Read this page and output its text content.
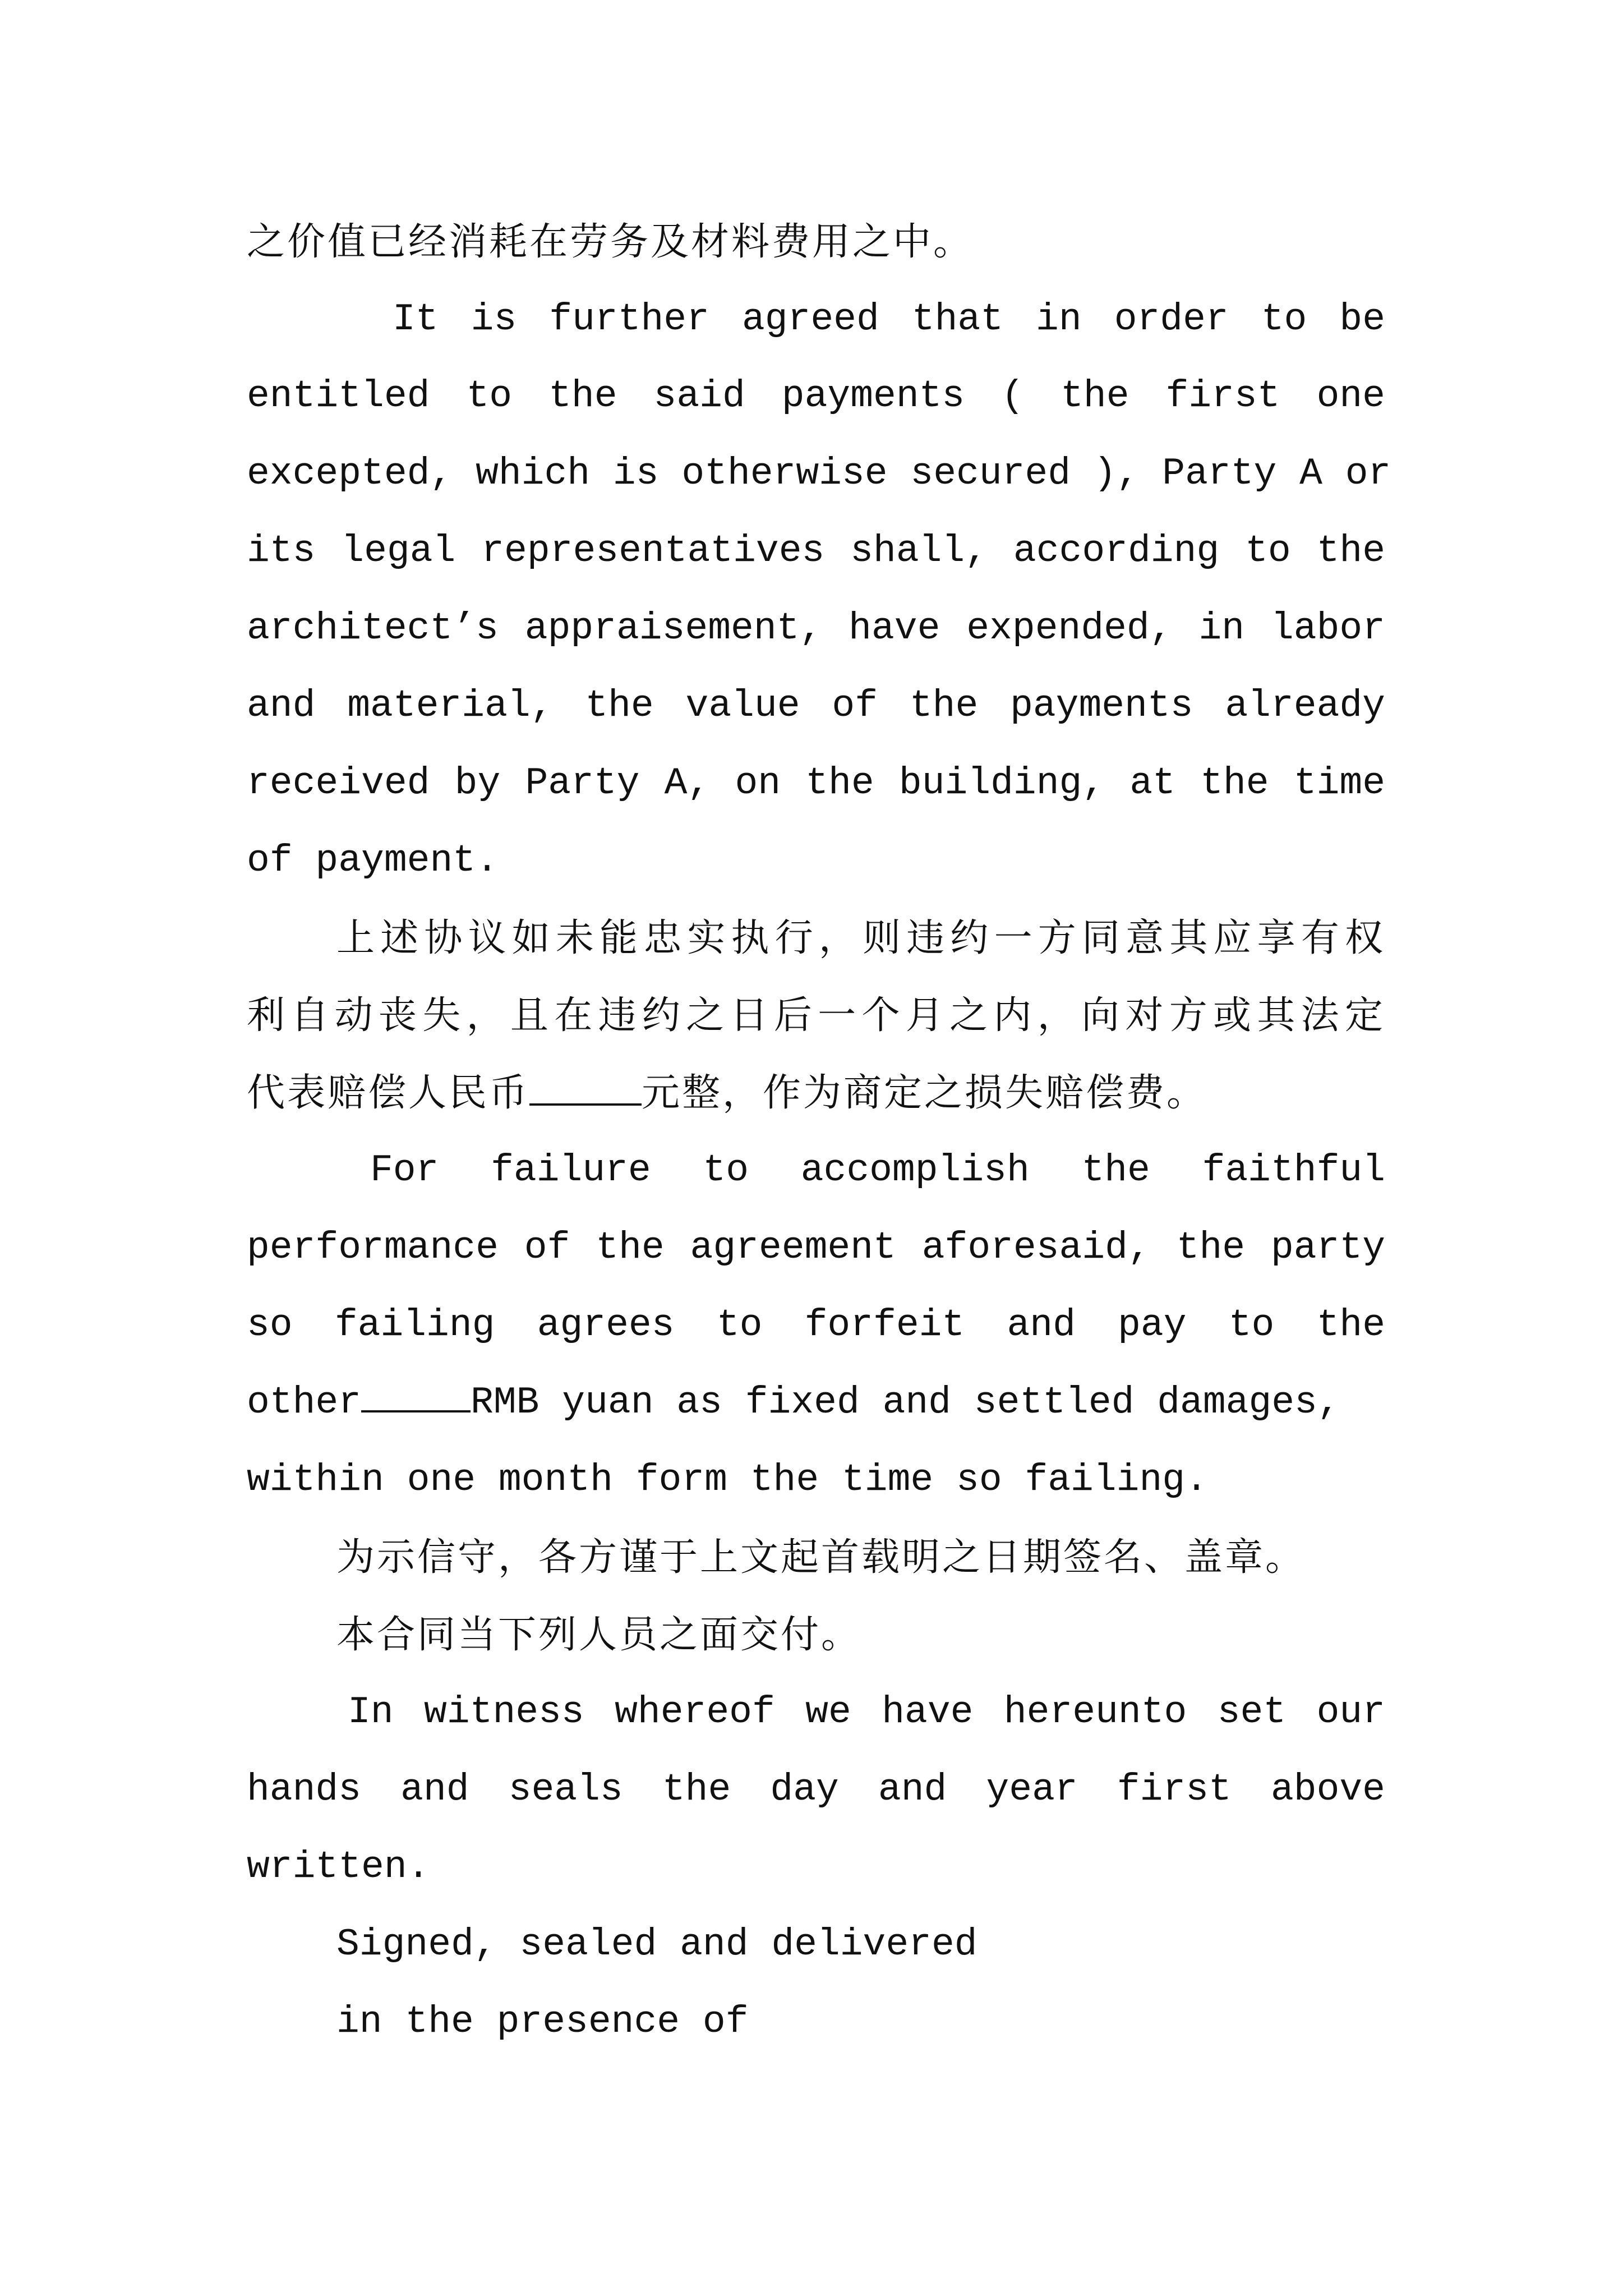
之价值已经消耗在劳务及材料费用之中。
It is further agreed that in order to be
entitled to the said payments ( the first one
excepted, which is otherwise secured ), Party A or
its legal representatives shall, according to the
architect’s appraisement, have expended, in labor
and material, the value of the payments already
received by Party A, on the building, at the time
of payment.
上述协议如未能忠实执行，则违约一方同意其应享有权
利自动丧失，且在违约之日后一个月之内，向对方或其法定
代表赔偿人民币	元整，作为商定之损失赔偿费。
For failure to accomplish the faithful
performance of the agreement aforesaid, the party
so failing agrees to forfeit and pay to the
other	RMB yuan as fixed and settled damages,
within one month form the time so failing.
为示信守，各方谨于上文起首载明之日期签名、盖章。
本合同当下列人员之面交付。
In witness whereof we have hereunto set our
hands and seals the day and year first above
written.
Signed, sealed and delivered
in the presence of
